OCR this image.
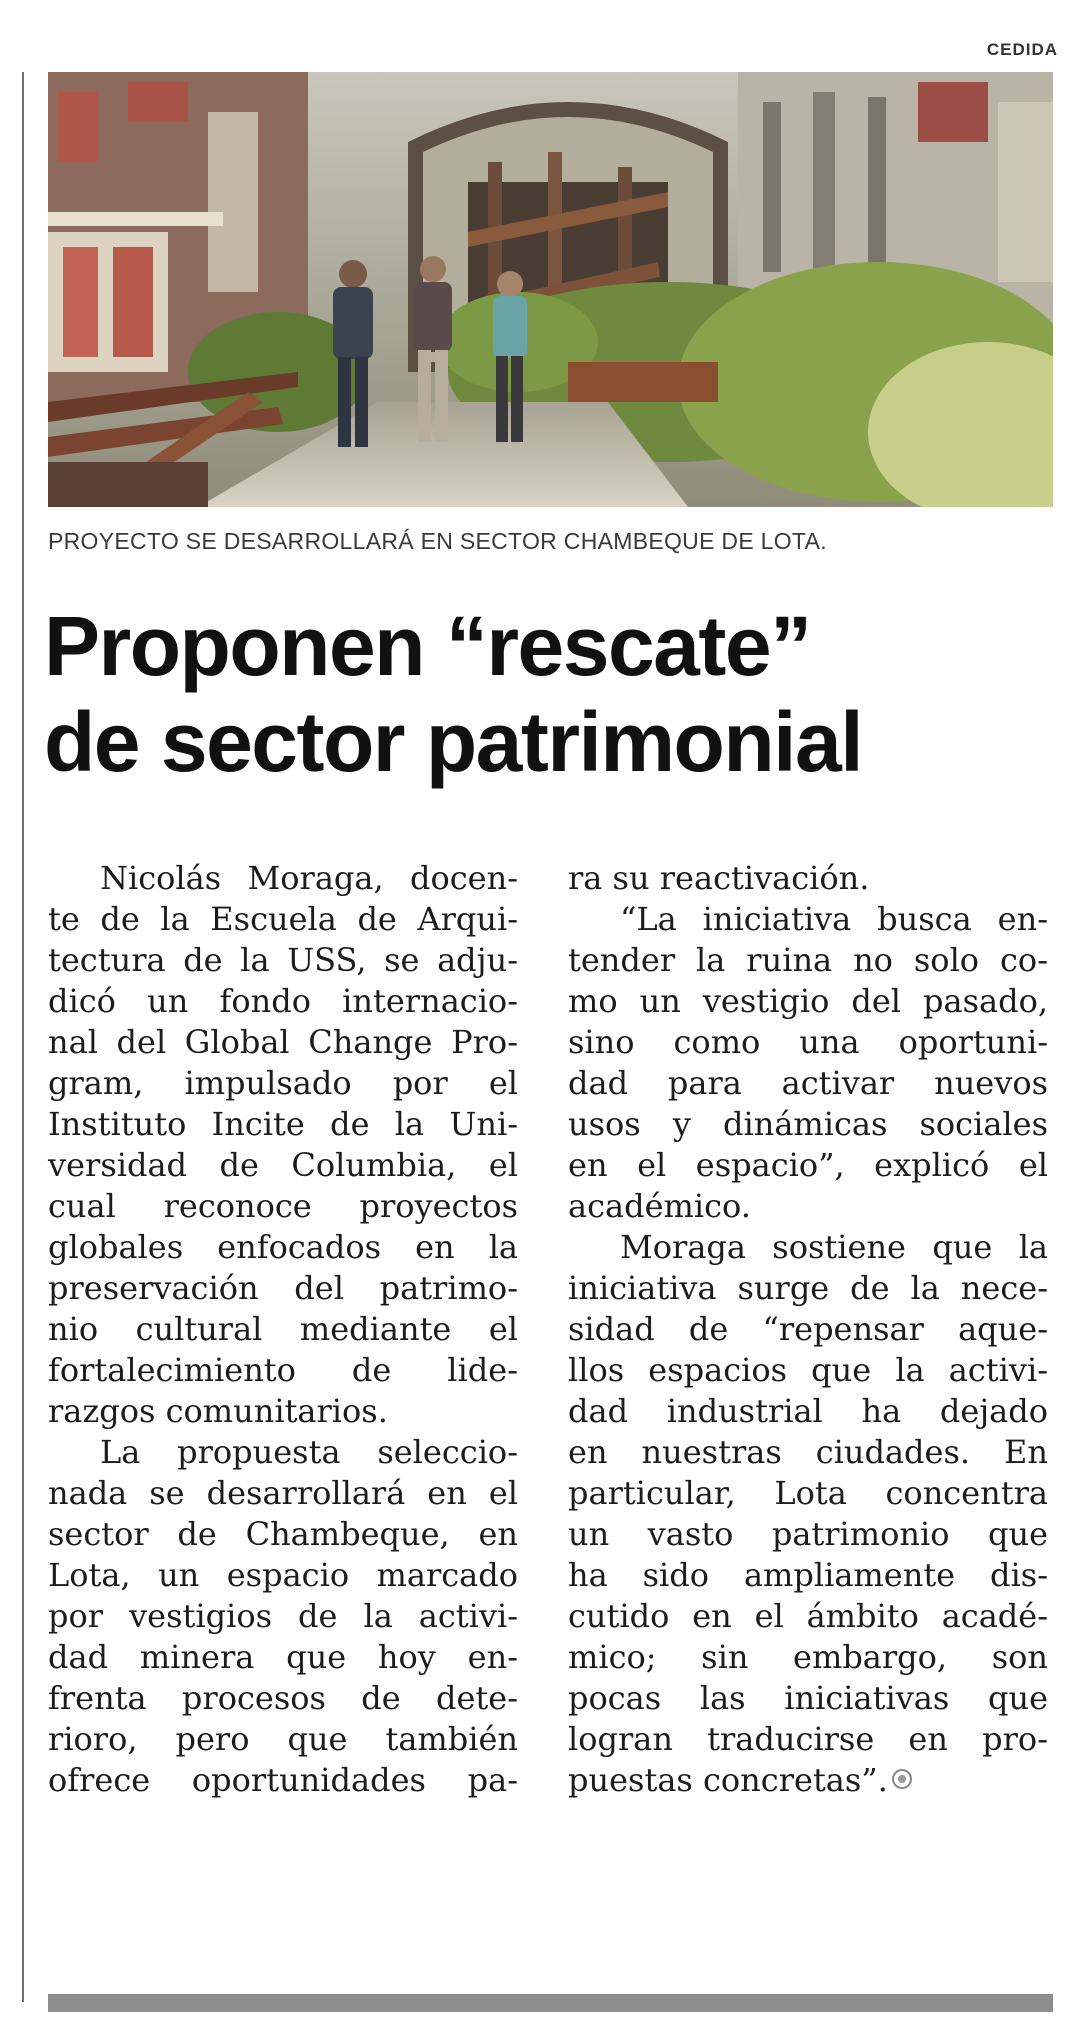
CEDIDA
PROYECTO SE DESARROLLARÁ EN SECTOR CHAMBEQUE DE LOTA.
Proponen “rescate”
de sector patrimonial
Nicolás Moraga, docen-
te de la Escuela de Arqui-
tectura de la USS, se adju-
dicó un fondo internacio-
nal del Global Change Pro-
gram, impulsado por el
Instituto Incite de la Uni-
versidad de Columbia, el
cual reconoce proyectos
globales enfocados en la
preservación del patrimo-
nio cultural mediante el
fortalecimiento de lide-
razgos comunitarios.
La propuesta seleccio-
nada se desarrollará en el
sector de Chambeque, en
Lota, un espacio marcado
por vestigios de la activi-
dad minera que hoy en-
frenta procesos de dete-
rioro, pero que también
ofrece oportunidades pa-
ra su reactivación.
“La iniciativa busca en-
tender la ruina no solo co-
mo un vestigio del pasado,
sino como una oportuni-
dad para activar nuevos
usos y dinámicas sociales
en el espacio”, explicó el
académico.
Moraga sostiene que la
iniciativa surge de la nece-
sidad de “repensar aque-
llos espacios que la activi-
dad industrial ha dejado
en nuestras ciudades. En
particular, Lota concentra
un vasto patrimonio que
ha sido ampliamente dis-
cutido en el ámbito acadé-
mico; sin embargo, son
pocas las iniciativas que
logran traducirse en pro-
puestas concretas”.
